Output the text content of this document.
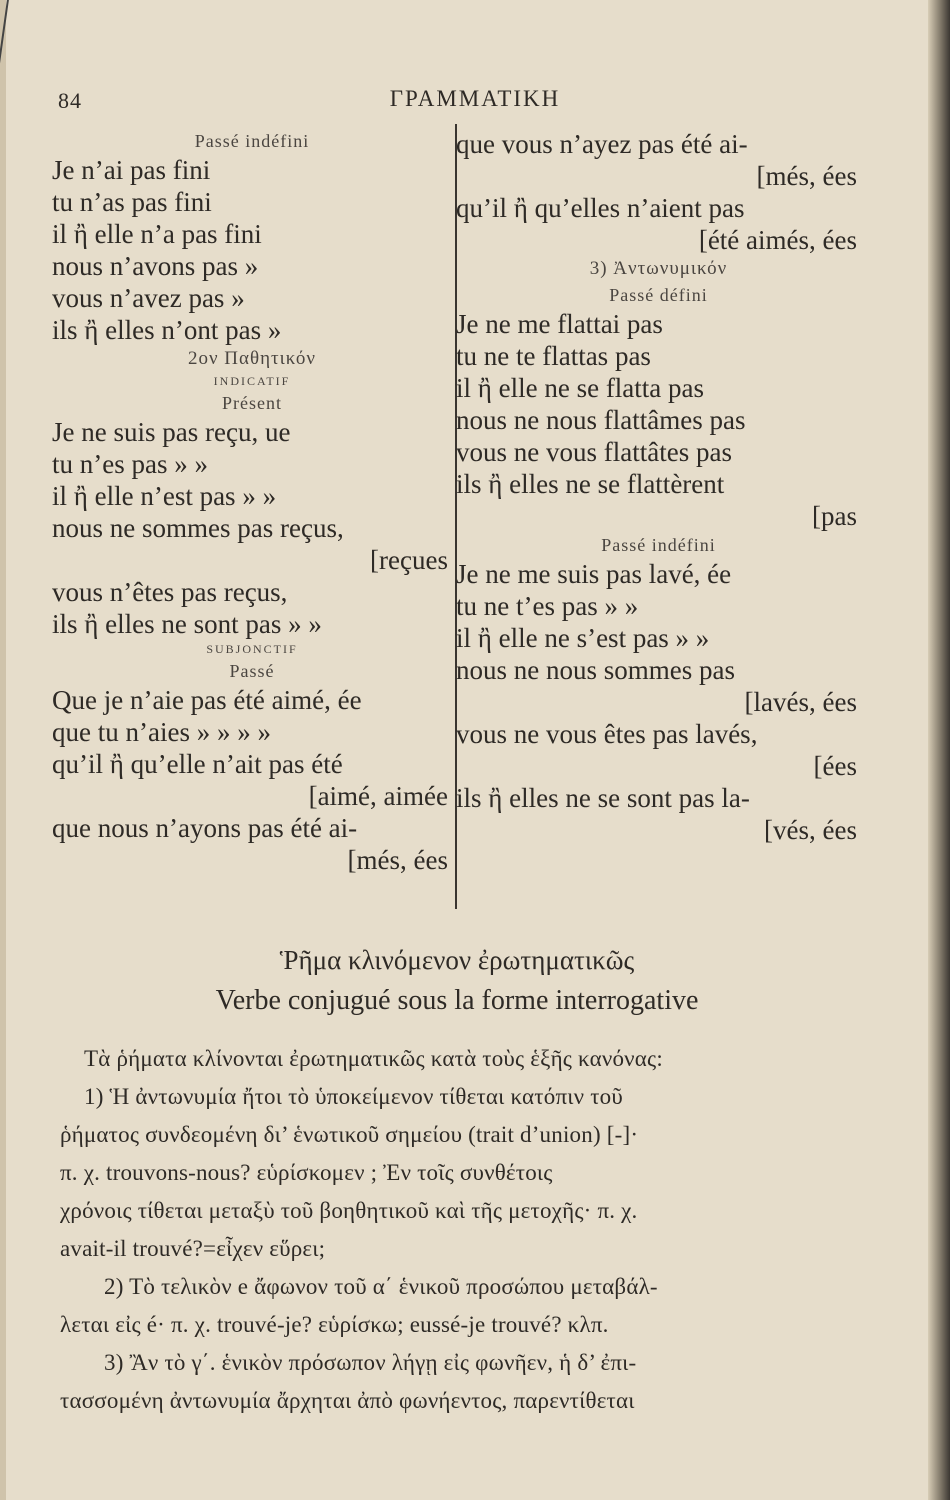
84	ΓΡΑΜΜΑΤΙΚΗ
Passé indéfini
Je n’ai pas fini
tu n’as pas fini
il ἢ elle n’a pas fini
nous n’avons pas »
vous n’avez pas »
ils ἢ elles n’ont pas »
2ον Παθητικόν
INDICATIF
Présent
Je ne suis pas reçu, ue
tu n’es pas » »
il ἢ elle n’est pas » »
nous ne sommes pas reçus,
[reçues
vous n’êtes pas reçus,
ils ἢ elles ne sont pas » »
SUBJONCTIF
Passé
Que je n’aie pas été aimé, ée
que tu n’aies » » » »
qu’il ἢ qu’elle n’ait pas été
[aimé, aimée
que nous n’ayons pas été ai-
[més, ées
que vous n’ayez pas été ai-
[més, ées
qu’il ἢ qu’elles n’aient pas
[été aimés, ées
3) Ἀντωνυμικόν
Passé défini
Je ne me flattai pas
tu ne te flattas pas
il ἢ elle ne se flatta pas
nous ne nous flattâmes pas
vous ne vous flattâtes pas
ils ἢ elles ne se flattèrent
[pas
Passé indéfini
Je ne me suis pas lavé, ée
tu ne t’es pas » »
il ἢ elle ne s’est pas » »
nous ne nous sommes pas
[lavés, ées
vous ne vous êtes pas lavés,
[ées
ils ἢ elles ne se sont pas la-
[vés, ées
Ῥῆμα κλινόμενον ἐρωτηματικῶς
Verbe conjugué sous la forme interrogative
Τὰ ῥήματα κλίνονται ἐρωτηματικῶς κατὰ τοὺς ἑξῆς κανόνας:
1) Ἡ ἀντωνυμία ἤτοι τὸ ὑποκείμενον τίθεται κατόπιν τοῦ
ῥήματος συνδεομένη δι’ ἑνωτικοῦ σημείου (trait d’union) [-]·
π. χ. trouvons-nous? εὑρίσκομεν ; Ἐν τοῖς συνθέτοις
χρόνοις τίθεται μεταξὺ τοῦ βοηθητικοῦ καὶ τῆς μετοχῆς· π. χ.
avait-il trouvé?=εἶχεν εὕρει;
2) Τὸ τελικὸν e ἄφωνον τοῦ α΄ ἑνικοῦ προσώπου μεταβάλ-
λεται εἰς é· π. χ. trouvé-je? εὑρίσκω; eussé-je trouvé? κλπ.
3) Ἂν τὸ γ΄. ἑνικὸν πρόσωπον λήγῃ εἰς φωνῆεν, ἡ δ’ ἐπι-
τασσομένη ἀντωνυμία ἄρχηται ἀπὸ φωνήεντος, παρεντίθεται
